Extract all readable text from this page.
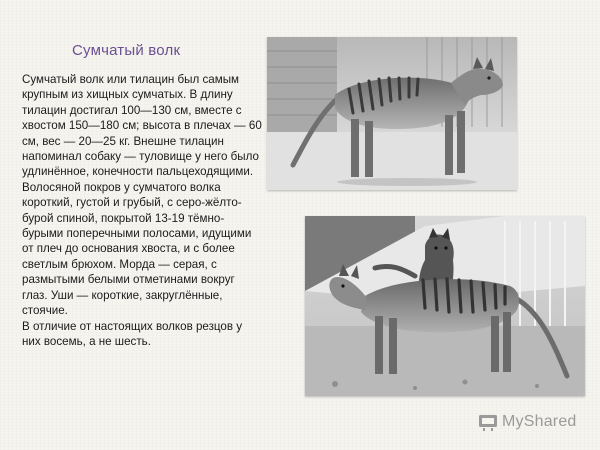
Сумчатый волк

Сумчатый волк или тилацин был самым крупным из хищных сумчатых. В длину тилацин достигал 100—130 см, вместе с хвостом 150—180 см; высота в плечах — 60 см, вес — 20—25 кг. Внешне тилацин напоминал собаку — туловище у него было удлинённое, конечности пальцеходящими. Волосяной покров у сумчатого волка короткий, густой и грубый, с серо-жёлто-бурой спиной, покрытой 13-19 тёмно-бурыми поперечными полосами, идущими от плеч до основания хвоста, и с более светлым брюхом. Морда — серая, с размытыми белыми отметинами вокруг глаз. Уши — короткие, закруглённые, стоячие.

В отличие от настоящих волков резцов у них восемь, а не шесть.

MyShared
